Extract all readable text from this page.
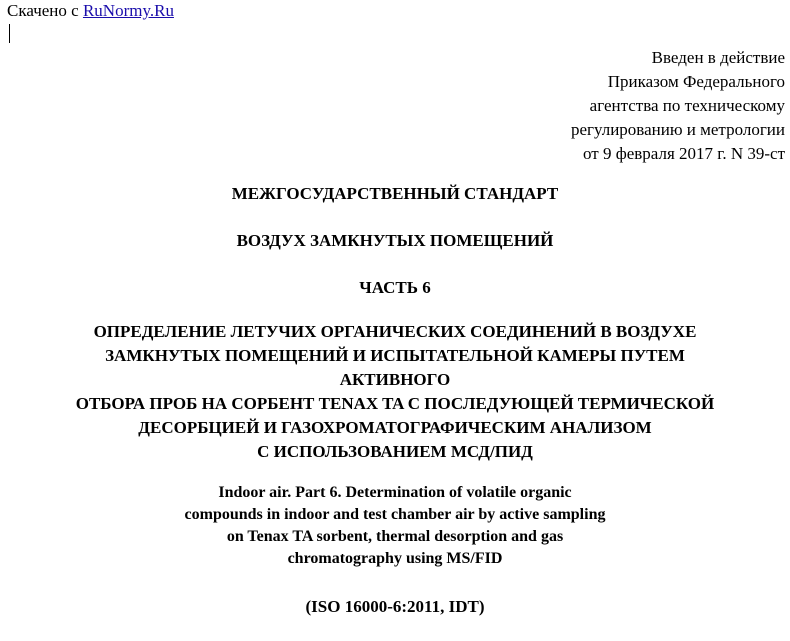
Скачено с RuNormy.Ru
Введен в действие
Приказом Федерального
агентства по техническому
регулированию и метрологии
от 9 февраля 2017 г. N 39-ст
МЕЖГОСУДАРСТВЕННЫЙ СТАНДАРТ
ВОЗДУХ ЗАМКНУТЫХ ПОМЕЩЕНИЙ
ЧАСТЬ 6
ОПРЕДЕЛЕНИЕ ЛЕТУЧИХ ОРГАНИЧЕСКИХ СОЕДИНЕНИЙ В ВОЗДУХЕ
ЗАМКНУТЫХ ПОМЕЩЕНИЙ И ИСПЫТАТЕЛЬНОЙ КАМЕРЫ ПУТЕМ
АКТИВНОГО
ОТБОРА ПРОБ НА СОРБЕНТ TENAX TA С ПОСЛЕДУЮЩЕЙ ТЕРМИЧЕСКОЙ
ДЕСОРБЦИЕЙ И ГАЗОХРОМАТОГРАФИЧЕСКИМ АНАЛИЗОМ
С ИСПОЛЬЗОВАНИЕМ МСД/ПИД
Indoor air. Part 6. Determination of volatile organic
compounds in indoor and test chamber air by active sampling
on Tenax TA sorbent, thermal desorption and gas
chromatography using MS/FID
(ISO 16000-6:2011, IDT)
